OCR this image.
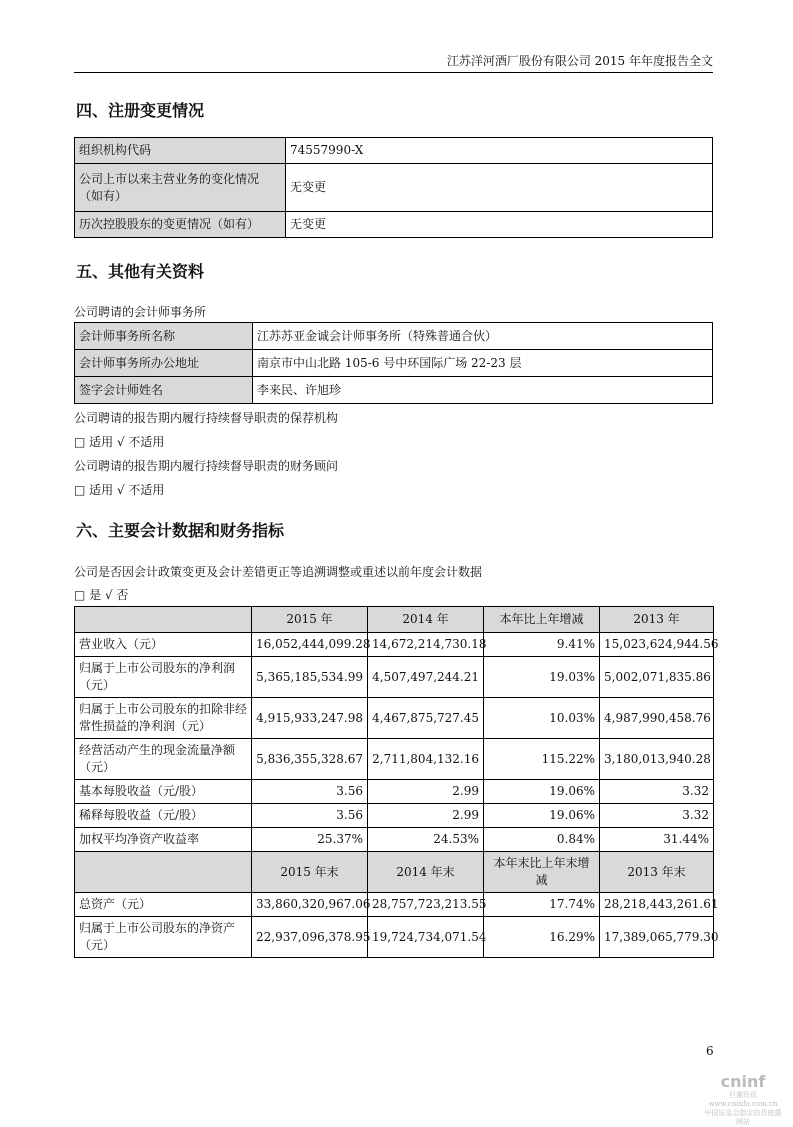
江苏洋河酒厂股份有限公司 2015 年年度报告全文
四、注册变更情况
组织机构代码	74557990-X
公司上市以来主营业务的变化情况（如有）	无变更
历次控股股东的变更情况（如有）	无变更
五、其他有关资料
公司聘请的会计师事务所
会计师事务所名称	江苏苏亚金诚会计师事务所（特殊普通合伙）
会计师事务所办公地址	南京市中山北路 105-6 号中环国际广场 22-23 层
签字会计师姓名	李来民、许旭珍
公司聘请的报告期内履行持续督导职责的保荐机构
□ 适用 √ 不适用
公司聘请的报告期内履行持续督导职责的财务顾问
□ 适用 √ 不适用
六、主要会计数据和财务指标
公司是否因会计政策变更及会计差错更正等追溯调整或重述以前年度会计数据
□ 是 √ 否
	2015 年	2014 年	本年比上年增减	2013 年
营业收入（元）	16,052,444,099.28	14,672,214,730.18	9.41%	15,023,624,944.56
归属于上市公司股东的净利润（元）	5,365,185,534.99	4,507,497,244.21	19.03%	5,002,071,835.86
归属于上市公司股东的扣除非经常性损益的净利润（元）	4,915,933,247.98	4,467,875,727.45	10.03%	4,987,990,458.76
经营活动产生的现金流量净额（元）	5,836,355,328.67	2,711,804,132.16	115.22%	3,180,013,940.28
基本每股收益（元/股）	3.56	2.99	19.06%	3.32
稀释每股收益（元/股）	3.56	2.99	19.06%	3.32
加权平均净资产收益率	25.37%	24.53%	0.84%	31.44%
	2015 年末	2014 年末	本年末比上年末增减	2013 年末
总资产（元）	33,860,320,967.06	28,757,723,213.55	17.74%	28,218,443,261.61
归属于上市公司股东的净资产（元）	22,937,096,378.95	19,724,734,071.54	16.29%	17,389,065,779.30
6
cninf
巨潮资讯
www.cninfo.com.cn
中国证监会指定信息披露网站
